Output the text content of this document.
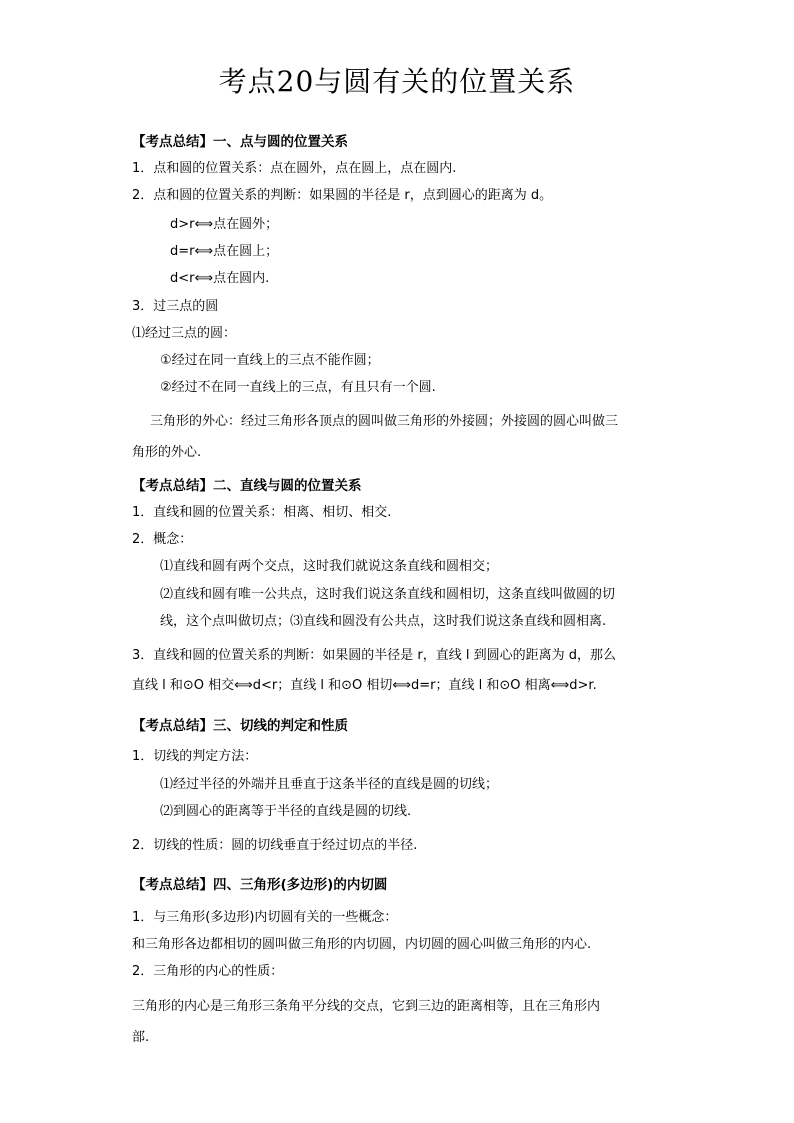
考点20与圆有关的位置关系
【考点总结】一、点与圆的位置关系
1．点和圆的位置关系：点在圆外，点在圆上，点在圆内.
2．点和圆的位置关系的判断：如果圆的半径是 r，点到圆心的距离为 d。
d>r⟺点在圆外；
d=r⟺点在圆上；
d<r⟺点在圆内.
3．过三点的圆
⑴经过三点的圆：
①经过在同一直线上的三点不能作圆；
②经过不在同一直线上的三点，有且只有一个圆.
三角形的外心：经过三角形各顶点的圆叫做三角形的外接圆；外接圆的圆心叫做三
角形的外心.
【考点总结】二、直线与圆的位置关系
1．直线和圆的位置关系：相离、相切、相交.
2．概念：
⑴直线和圆有两个交点，这时我们就说这条直线和圆相交；
⑵直线和圆有唯一公共点，这时我们说这条直线和圆相切，这条直线叫做圆的切
线，这个点叫做切点；⑶直线和圆没有公共点，这时我们说这条直线和圆相离.
3．直线和圆的位置关系的判断：如果圆的半径是 r，直线 l 到圆心的距离为 d，那么
直线 l 和⊙O 相交⟺d<r；直线 l 和⊙O 相切⟺d=r；直线 l 和⊙O 相离⟺d>r.
【考点总结】三、切线的判定和性质
1．切线的判定方法：
⑴经过半径的外端并且垂直于这条半径的直线是圆的切线；
⑵到圆心的距离等于半径的直线是圆的切线.
2．切线的性质：圆的切线垂直于经过切点的半径.
【考点总结】四、三角形(多边形)的内切圆
1．与三角形(多边形)内切圆有关的一些概念：
和三角形各边都相切的圆叫做三角形的内切圆，内切圆的圆心叫做三角形的内心.
2．三角形的内心的性质：
三角形的内心是三角形三条角平分线的交点，它到三边的距离相等，且在三角形内
部.
